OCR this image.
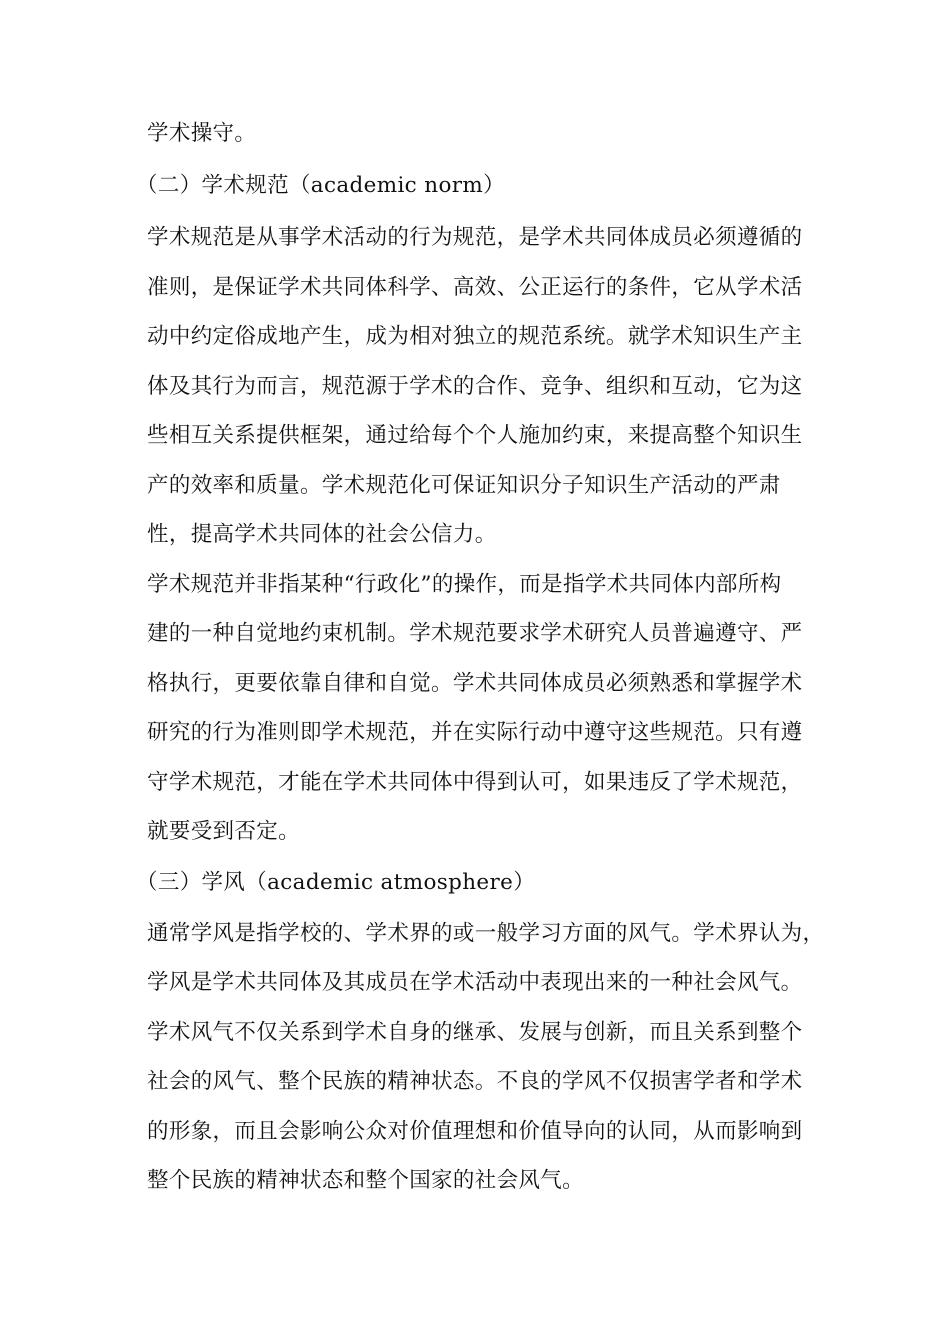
学术操守。
（二）学术规范（academic norm）
学术规范是从事学术活动的行为规范，是学术共同体成员必须遵循的
准则，是保证学术共同体科学、高效、公正运行的条件，它从学术活
动中约定俗成地产生，成为相对独立的规范系统。就学术知识生产主
体及其行为而言，规范源于学术的合作、竞争、组织和互动，它为这
些相互关系提供框架，通过给每个个人施加约束，来提高整个知识生
产的效率和质量。学术规范化可保证知识分子知识生产活动的严肃
性，提高学术共同体的社会公信力。
学术规范并非指某种“行政化”的操作，而是指学术共同体内部所构
建的一种自觉地约束机制。学术规范要求学术研究人员普遍遵守、严
格执行，更要依靠自律和自觉。学术共同体成员必须熟悉和掌握学术
研究的行为准则即学术规范，并在实际行动中遵守这些规范。只有遵
守学术规范，才能在学术共同体中得到认可，如果违反了学术规范，
就要受到否定。
（三）学风（academic atmosphere）
通常学风是指学校的、学术界的或一般学习方面的风气。学术界认为，
学风是学术共同体及其成员在学术活动中表现出来的一种社会风气。
学术风气不仅关系到学术自身的继承、发展与创新，而且关系到整个
社会的风气、整个民族的精神状态。不良的学风不仅损害学者和学术
的形象，而且会影响公众对价值理想和价值导向的认同，从而影响到
整个民族的精神状态和整个国家的社会风气。
